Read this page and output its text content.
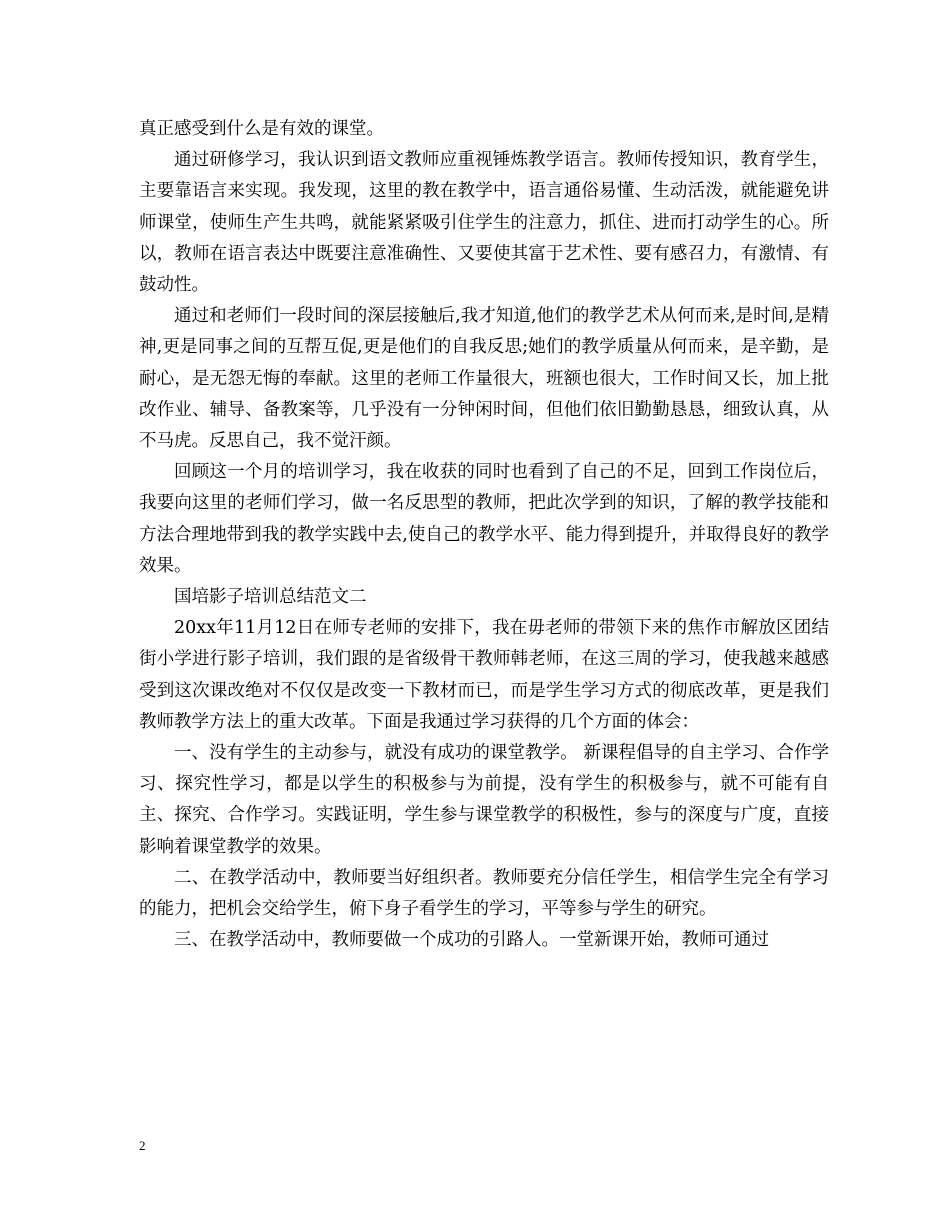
真正感受到什么是有效的课堂。

通过研修学习，我认识到语文教师应重视锤炼教学语言。教师传授知识，教育学生，主要靠语言来实现。我发现，这里的教在教学中，语言通俗易懂、生动活泼，就能避免讲师课堂，使师生产生共鸣，就能紧紧吸引住学生的注意力，抓住、进而打动学生的心。所以，教师在语言表达中既要注意准确性、又要使其富于艺术性、要有感召力，有激情、有鼓动性。

通过和老师们一段时间的深层接触后,我才知道,他们的教学艺术从何而来,是时间,是精神,更是同事之间的互帮互促,更是他们的自我反思;她们的教学质量从何而来，是辛勤，是耐心，是无怨无悔的奉献。这里的老师工作量很大，班额也很大，工作时间又长，加上批改作业、辅导、备教案等，几乎没有一分钟闲时间，但他们依旧勤勤恳恳，细致认真，从不马虎。反思自己，我不觉汗颜。

回顾这一个月的培训学习，我在收获的同时也看到了自己的不足，回到工作岗位后，我要向这里的老师们学习，做一名反思型的教师，把此次学到的知识，了解的教学技能和方法合理地带到我的教学实践中去,使自己的教学水平、能力得到提升，并取得良好的教学效果。

国培影子培训总结范文二

20xx年11月12日在师专老师的安排下，我在毋老师的带领下来的焦作市解放区团结街小学进行影子培训，我们跟的是省级骨干教师韩老师，在这三周的学习，使我越来越感受到这次课改绝对不仅仅是改变一下教材而已，而是学生学习方式的彻底改革，更是我们教师教学方法上的重大改革。下面是我通过学习获得的几个方面的体会：

一、没有学生的主动参与，就没有成功的课堂教学。 新课程倡导的自主学习、合作学习、探究性学习，都是以学生的积极参与为前提，没有学生的积极参与，就不可能有自主、探究、合作学习。实践证明，学生参与课堂教学的积极性，参与的深度与广度，直接影响着课堂教学的效果。

二、在教学活动中，教师要当好组织者。教师要充分信任学生，相信学生完全有学习的能力，把机会交给学生，俯下身子看学生的学习，平等参与学生的研究。

三、在教学活动中，教师要做一个成功的引路人。一堂新课开始，教师可通过

2
